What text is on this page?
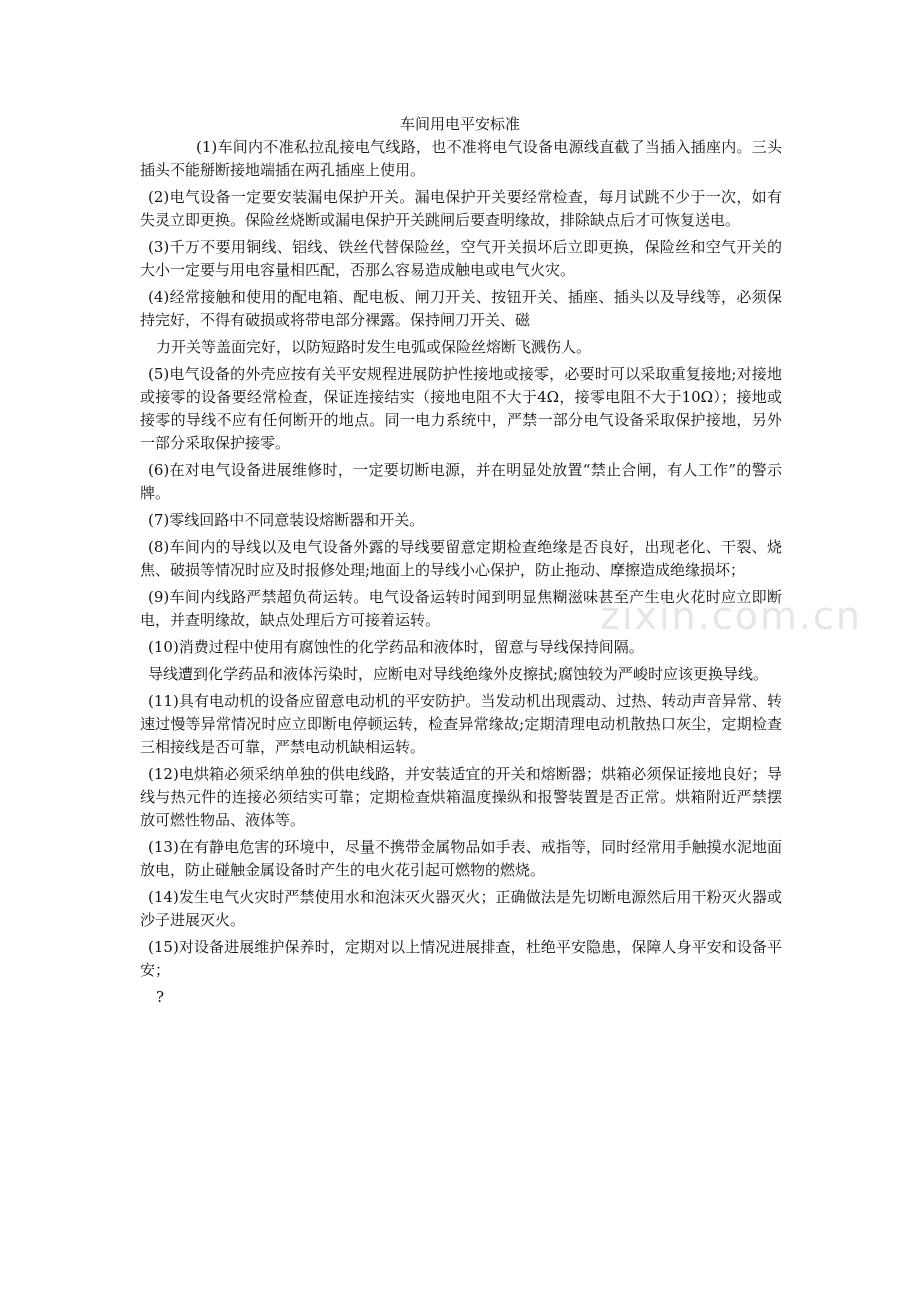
zixin.com.cn
车间用电平安标准

(1)车间内不准私拉乱接电气线路，也不准将电气设备电源线直截了当插入插座内。三头插头不能掰断接地端插在两孔插座上使用。

(2)电气设备一定要安装漏电保护开关。漏电保护开关要经常检查，每月试跳不少于一次，如有失灵立即更换。保险丝烧断或漏电保护开关跳闸后要查明缘故，排除缺点后才可恢复送电。

(3)千万不要用铜线、铝线、铁丝代替保险丝，空气开关损坏后立即更换，保险丝和空气开关的大小一定要与用电容量相匹配，否那么容易造成触电或电气火灾。

(4)经常接触和使用的配电箱、配电板、闸刀开关、按钮开关、插座、插头以及导线等，必须保持完好，不得有破损或将带电部分裸露。保持闸刀开关、磁

力开关等盖面完好，以防短路时发生电弧或保险丝熔断飞溅伤人。

(5)电气设备的外壳应按有关平安规程进展防护性接地或接零，必要时可以采取重复接地;对接地或接零的设备要经常检查，保证连接结实（接地电阻不大于4Ω，接零电阻不大于10Ω）；接地或接零的导线不应有任何断开的地点。同一电力系统中，严禁一部分电气设备采取保护接地，另外一部分采取保护接零。

(6)在对电气设备进展维修时，一定要切断电源，并在明显处放置“禁止合闸，有人工作”的警示牌。

(7)零线回路中不同意装设熔断器和开关。

(8)车间内的导线以及电气设备外露的导线要留意定期检查绝缘是否良好，出现老化、干裂、烧焦、破损等情况时应及时报修处理;地面上的导线小心保护，防止拖动、摩擦造成绝缘损坏；

(9)车间内线路严禁超负荷运转。电气设备运转时闻到明显焦糊滋味甚至产生电火花时应立即断电，并查明缘故，缺点处理后方可接着运转。

(10)消费过程中使用有腐蚀性的化学药品和液体时，留意与导线保持间隔。

导线遭到化学药品和液体污染时，应断电对导线绝缘外皮擦拭;腐蚀较为严峻时应该更换导线。

(11)具有电动机的设备应留意电动机的平安防护。当发动机出现震动、过热、转动声音异常、转速过慢等异常情况时应立即断电停顿运转，检查异常缘故;定期清理电动机散热口灰尘，定期检查三相接线是否可靠，严禁电动机缺相运转。

(12)电烘箱必须采纳单独的供电线路，并安装适宜的开关和熔断器；烘箱必须保证接地良好；导线与热元件的连接必须结实可靠；定期检查烘箱温度操纵和报警装置是否正常。烘箱附近严禁摆放可燃性物品、液体等。

(13)在有静电危害的环境中，尽量不携带金属物品如手表、戒指等，同时经常用手触摸水泥地面放电，防止碰触金属设备时产生的电火花引起可燃物的燃烧。

(14)发生电气火灾时严禁使用水和泡沫灭火器灭火；正确做法是先切断电源然后用干粉灭火器或沙子进展灭火。

(15)对设备进展维护保养时，定期对以上情况进展排查，杜绝平安隐患，保障人身平安和设备平安；

?
